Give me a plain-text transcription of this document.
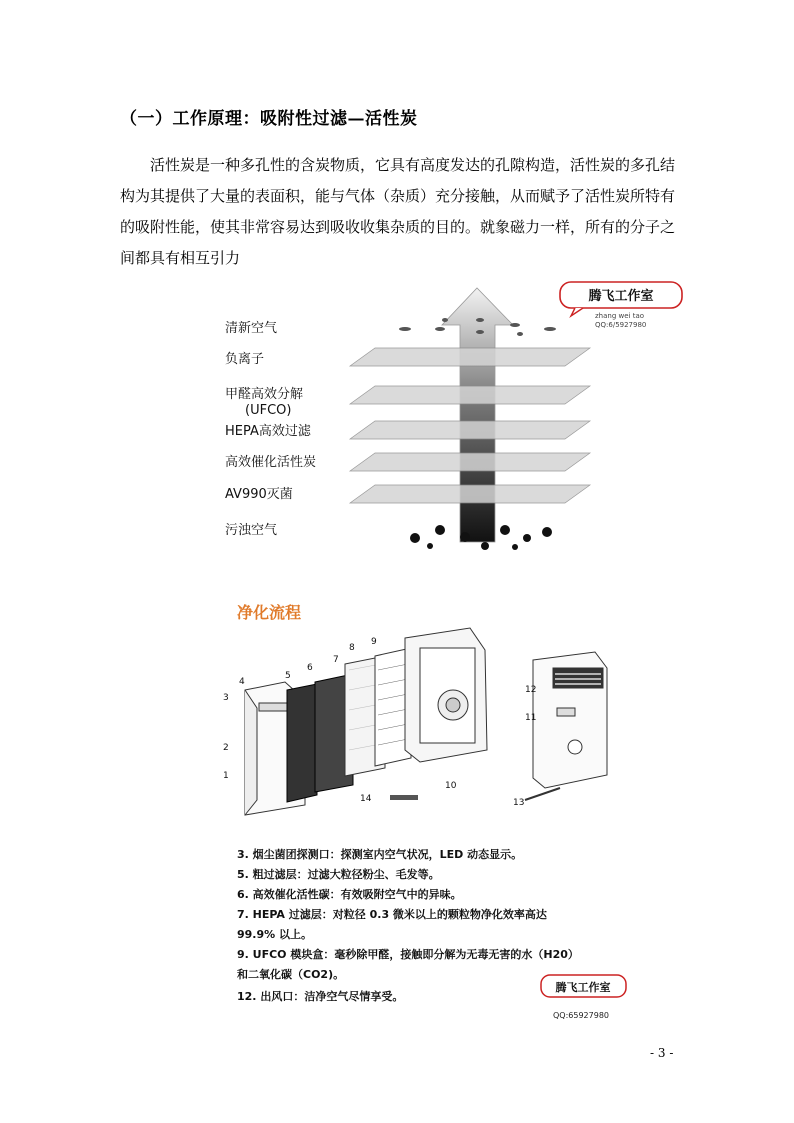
（一）工作原理：吸附性过滤—活性炭

活性炭是一种多孔性的含炭物质，它具有高度发达的孔隙构造，活性炭的多孔结构为其提供了大量的表面积，能与气体（杂质）充分接触，从而赋予了活性炭所特有的吸附性能，使其非常容易达到吸收收集杂质的目的。就象磁力一样，所有的分子之间都具有相互引力

清新空气
负离子
甲醛高效分解
(UFCO)
HEPA高效过滤
高效催化活性炭
AV990灭菌
污浊空气
腾飞工作室
zhang wei tao
QQ:6/5927980
净化流程
1
2
3
4
5
6
7
8
9
10
11
12
13
14
3. 烟尘菌团探测口：探测室内空气状况，LED 动态显示。
5. 粗过滤层：过滤大粒径粉尘、毛发等。
6. 高效催化活性碳：有效吸附空气中的异味。
7. HEPA 过滤层：对粒径 0.3 微米以上的颗粒物净化效率高达
99.9% 以上。
9. UFCO 模块盒：毫秒除甲醛，接触即分解为无毒无害的水（H20）
和二氧化碳（CO2)。
12. 出风口：洁净空气尽情享受。
腾飞工作室
QQ:65927980
- 3 -
